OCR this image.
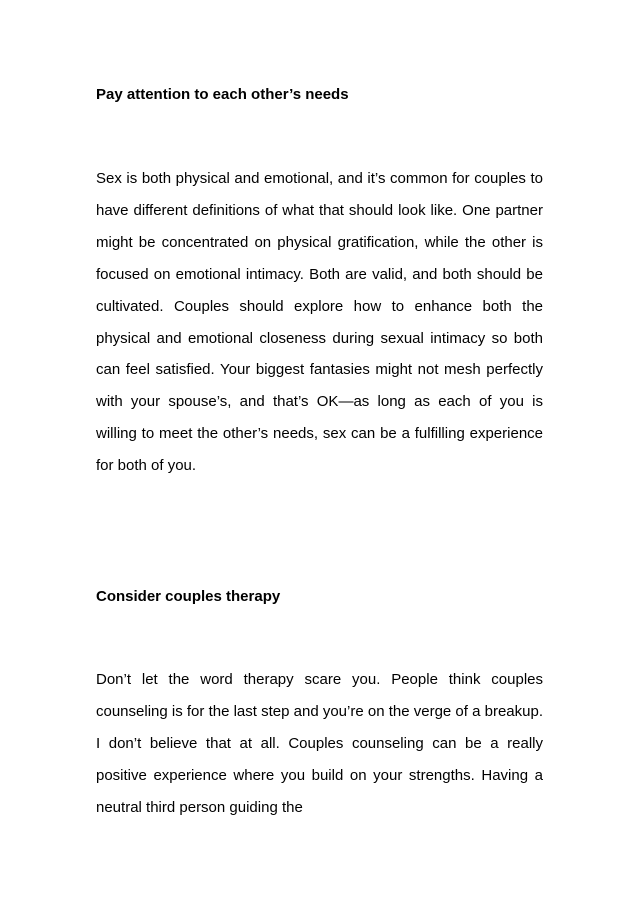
Pay attention to each other’s needs

Sex is both physical and emotional, and it’s common for couples to have different definitions of what that should look like. One partner might be concentrated on physical gratification, while the other is focused on emotional intimacy. Both are valid, and both should be cultivated. Couples should explore how to enhance both the physical and emotional closeness during sexual intimacy so both can feel satisfied. Your biggest fantasies might not mesh perfectly with your spouse’s, and that’s OK—as long as each of you is willing to meet the other’s needs, sex can be a fulfilling experience for both of you.

Consider couples therapy

Don’t let the word therapy scare you. People think couples counseling is for the last step and you’re on the verge of a breakup. I don’t believe that at all. Couples counseling can be a really positive experience where you build on your strengths. Having a neutral third person guiding the
